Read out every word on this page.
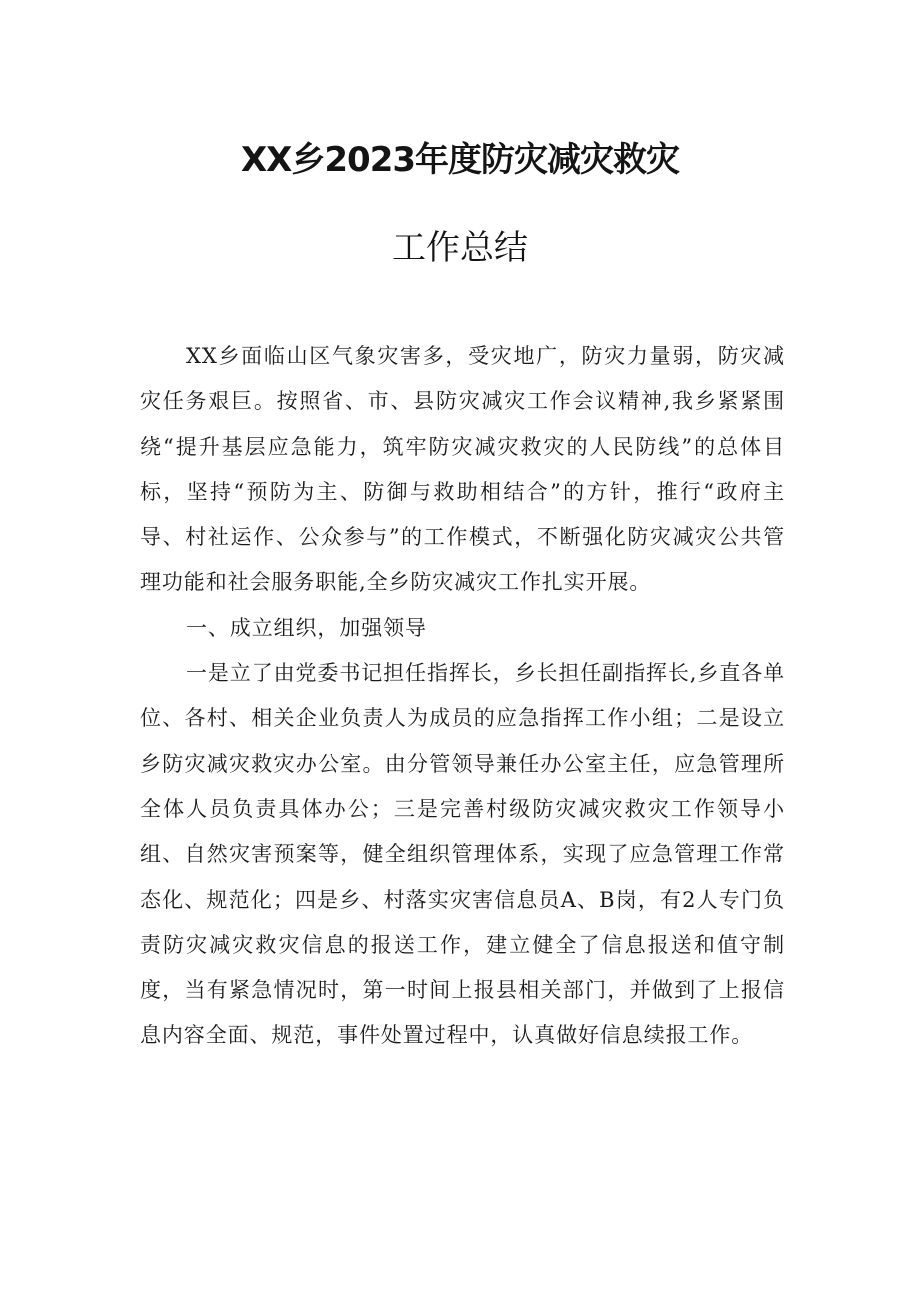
XX乡2023年度防灾减灾救灾
工作总结

XX乡面临山区气象灾害多，受灾地广，防灾力量弱，防灾减灾任务艰巨。按照省、市、县防灾减灾工作会议精神,我乡紧紧围绕“提升基层应急能力，筑牢防灾减灾救灾的人民防线”的总体目标，坚持“预防为主、防御与救助相结合”的方针，推行“政府主导、村社运作、公众参与”的工作模式，不断强化防灾减灾公共管理功能和社会服务职能,全乡防灾减灾工作扎实开展。

一、成立组织，加强领导

一是立了由党委书记担任指挥长，乡长担任副指挥长,乡直各单位、各村、相关企业负责人为成员的应急指挥工作小组；二是设立乡防灾减灾救灾办公室。由分管领导兼任办公室主任，应急管理所全体人员负责具体办公；三是完善村级防灾减灾救灾工作领导小组、自然灾害预案等，健全组织管理体系，实现了应急管理工作常态化、规范化；四是乡、村落实灾害信息员A、B岗，有2人专门负责防灾减灾救灾信息的报送工作，建立健全了信息报送和值守制度，当有紧急情况时，第一时间上报县相关部门，并做到了上报信息内容全面、规范，事件处置过程中，认真做好信息续报工作。
